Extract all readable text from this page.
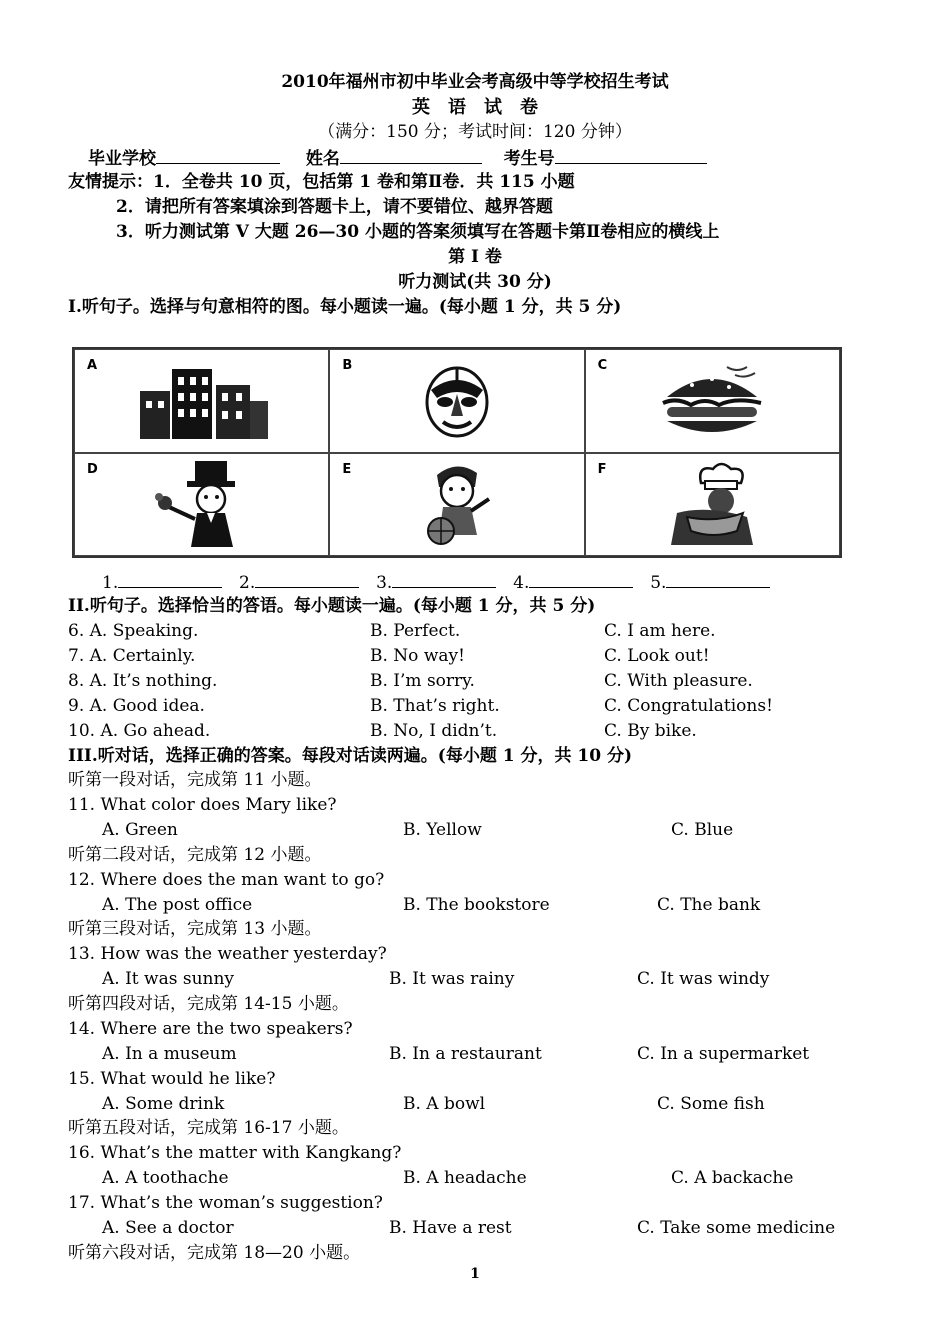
2010年福州市初中毕业会考高级中等学校招生考试
英　语　试　卷
（满分：150 分；考试时间：120 分钟）
毕业学校	姓名	考生号
友情提示：1．全卷共 10 页，包括第 1 卷和第Ⅱ卷．共 115 小题
2．请把所有答案填涂到答题卡上，请不要错位、越界答题
3．听力测试第 V 大题 26—30 小题的答案须填写在答题卡第Ⅱ卷相应的横线上
第 I 卷
听力测试(共 30 分)
I.听句子。选择与句意相符的图。每小题读一遍。(每小题 1 分，共 5 分)
A	B	C
D	E	F
1.	2.	3.	4.	5.
II.听句子。选择恰当的答语。每小题读一遍。(每小题 1 分，共 5 分)
6. A. Speaking.	B. Perfect.	C. I am here.
7. A. Certainly.	B. No way!	C. Look out!
8. A. It’s nothing.	B. I’m sorry.	C. With pleasure.
9. A. Good idea.	B. That’s right.	C. Congratulations!
10. A. Go ahead.	B. No, I didn’t.	C. By bike.
III.听对话，选择正确的答案。每段对话读两遍。(每小题 1 分，共 10 分)
听第一段对话，完成第 11 小题。
11. What color does Mary like?
A. Green	B. Yellow	C. Blue
听第二段对话，完成第 12 小题。
12. Where does the man want to go?
A. The post office	B. The bookstore	C. The bank
听第三段对话，完成第 13 小题。
13. How was the weather yesterday?
A. It was sunny	B. It was rainy	C. It was windy
听第四段对话，完成第 14-15 小题。
14. Where are the two speakers?
A. In a museum	B. In a restaurant	C. In a supermarket
15. What would he like?
A. Some drink	B. A bowl	C. Some fish
听第五段对话，完成第 16-17 小题。
16. What’s the matter with Kangkang?
A. A toothache	B. A headache	C. A backache
17. What’s the woman’s suggestion?
A. See a doctor	B. Have a rest	C. Take some medicine
听第六段对话，完成第 18—20 小题。
1
